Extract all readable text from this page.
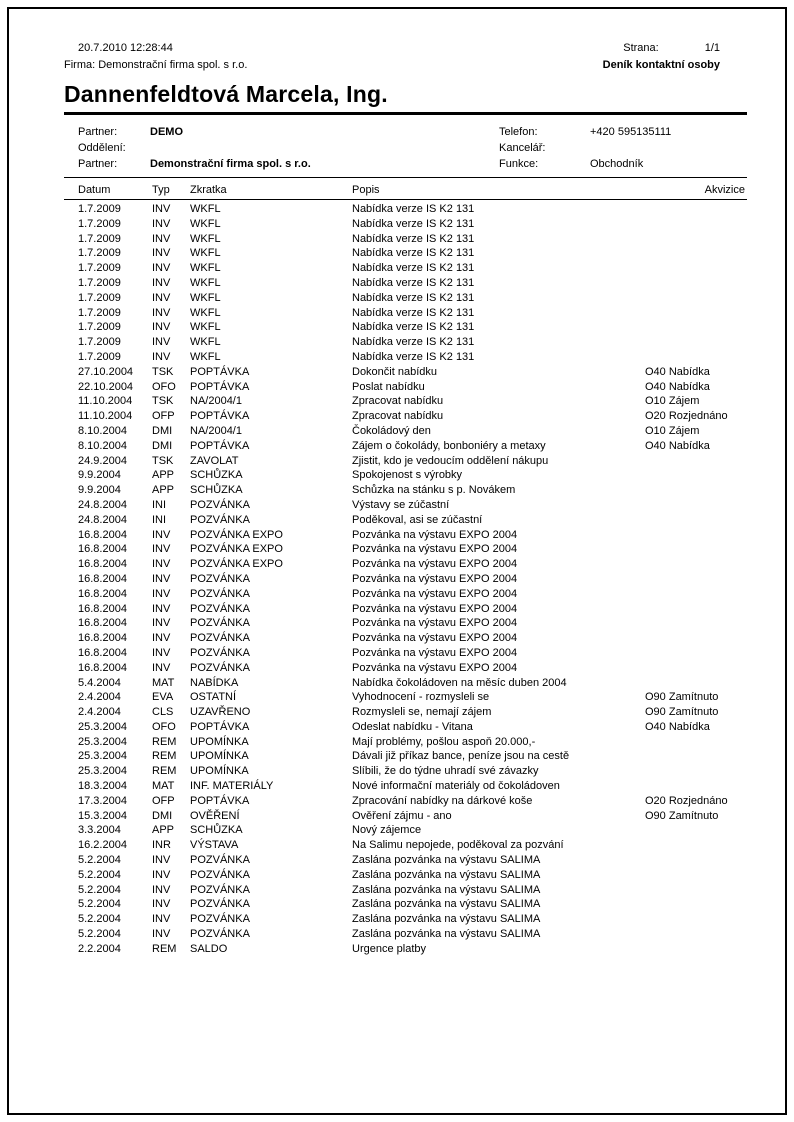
20.7.2010 12:28:44	Strana:	1/1
Firma: Demonstrační firma spol. s r.o.	Deník kontaktní osoby
Dannenfeldtová Marcela, Ing.
Partner:	DEMO	Telefon:	+420 595135111
Oddělení:	Kancelář:
Partner:	Demonstrační firma spol. s r.o.	Funkce:	Obchodník
Datum	Typ	Zkratka	Popis	Akvizice
1.7.2009	INV	WKFL	Nabídka verze IS K2 131
1.7.2009	INV	WKFL	Nabídka verze IS K2 131
1.7.2009	INV	WKFL	Nabídka verze IS K2 131
1.7.2009	INV	WKFL	Nabídka verze IS K2 131
1.7.2009	INV	WKFL	Nabídka verze IS K2 131
1.7.2009	INV	WKFL	Nabídka verze IS K2 131
1.7.2009	INV	WKFL	Nabídka verze IS K2 131
1.7.2009	INV	WKFL	Nabídka verze IS K2 131
1.7.2009	INV	WKFL	Nabídka verze IS K2 131
1.7.2009	INV	WKFL	Nabídka verze IS K2 131
1.7.2009	INV	WKFL	Nabídka verze IS K2 131
27.10.2004	TSK	POPTÁVKA	Dokončit nabídku	O40 Nabídka
22.10.2004	OFO	POPTÁVKA	Poslat nabídku	O40 Nabídka
11.10.2004	TSK	NA/2004/1	Zpracovat nabídku	O10 Zájem
11.10.2004	OFP	POPTÁVKA	Zpracovat nabídku	O20 Rozjednáno
8.10.2004	DMI	NA/2004/1	Čokoládový den	O10 Zájem
8.10.2004	DMI	POPTÁVKA	Zájem o čokolády, bonboniéry a metaxy	O40 Nabídka
24.9.2004	TSK	ZAVOLAT	Zjistit, kdo je vedoucím oddělení nákupu
9.9.2004	APP	SCHŮZKA	Spokojenost s výrobky
9.9.2004	APP	SCHŮZKA	Schůzka na stánku s p. Novákem
24.8.2004	INI	POZVÁNKA	Výstavy se zúčastní
24.8.2004	INI	POZVÁNKA	Poděkoval, asi se zúčastní
16.8.2004	INV	POZVÁNKA EXPO	Pozvánka na výstavu EXPO 2004
16.8.2004	INV	POZVÁNKA EXPO	Pozvánka na výstavu EXPO 2004
16.8.2004	INV	POZVÁNKA EXPO	Pozvánka na výstavu EXPO 2004
16.8.2004	INV	POZVÁNKA	Pozvánka na výstavu EXPO 2004
16.8.2004	INV	POZVÁNKA	Pozvánka na výstavu EXPO 2004
16.8.2004	INV	POZVÁNKA	Pozvánka na výstavu EXPO 2004
16.8.2004	INV	POZVÁNKA	Pozvánka na výstavu EXPO 2004
16.8.2004	INV	POZVÁNKA	Pozvánka na výstavu EXPO 2004
16.8.2004	INV	POZVÁNKA	Pozvánka na výstavu EXPO 2004
16.8.2004	INV	POZVÁNKA	Pozvánka na výstavu EXPO 2004
5.4.2004	MAT	NABÍDKA	Nabídka čokoládoven na měsíc duben 2004
2.4.2004	EVA	OSTATNÍ	Vyhodnocení - rozmysleli se	O90 Zamítnuto
2.4.2004	CLS	UZAVŘENO	Rozmysleli se, nemají zájem	O90 Zamítnuto
25.3.2004	OFO	POPTÁVKA	Odeslat nabídku - Vitana	O40 Nabídka
25.3.2004	REM	UPOMÍNKA	Mají problémy, pošlou aspoň 20.000,-
25.3.2004	REM	UPOMÍNKA	Dávali již příkaz bance, peníze jsou na cestě
25.3.2004	REM	UPOMÍNKA	Slíbili, že do týdne uhradí své závazky
18.3.2004	MAT	INF. MATERIÁLY	Nové informační materiály od čokoládoven
17.3.2004	OFP	POPTÁVKA	Zpracování nabídky na dárkové koše	O20 Rozjednáno
15.3.2004	DMI	OVĚŘENÍ	Ověření zájmu - ano	O90 Zamítnuto
3.3.2004	APP	SCHŮZKA	Nový zájemce
16.2.2004	INR	VÝSTAVA	Na Salimu nepojede, poděkoval za pozvání
5.2.2004	INV	POZVÁNKA	Zaslána pozvánka na výstavu SALIMA
5.2.2004	INV	POZVÁNKA	Zaslána pozvánka na výstavu SALIMA
5.2.2004	INV	POZVÁNKA	Zaslána pozvánka na výstavu SALIMA
5.2.2004	INV	POZVÁNKA	Zaslána pozvánka na výstavu SALIMA
5.2.2004	INV	POZVÁNKA	Zaslána pozvánka na výstavu SALIMA
5.2.2004	INV	POZVÁNKA	Zaslána pozvánka na výstavu SALIMA
2.2.2004	REM	SALDO	Urgence platby
